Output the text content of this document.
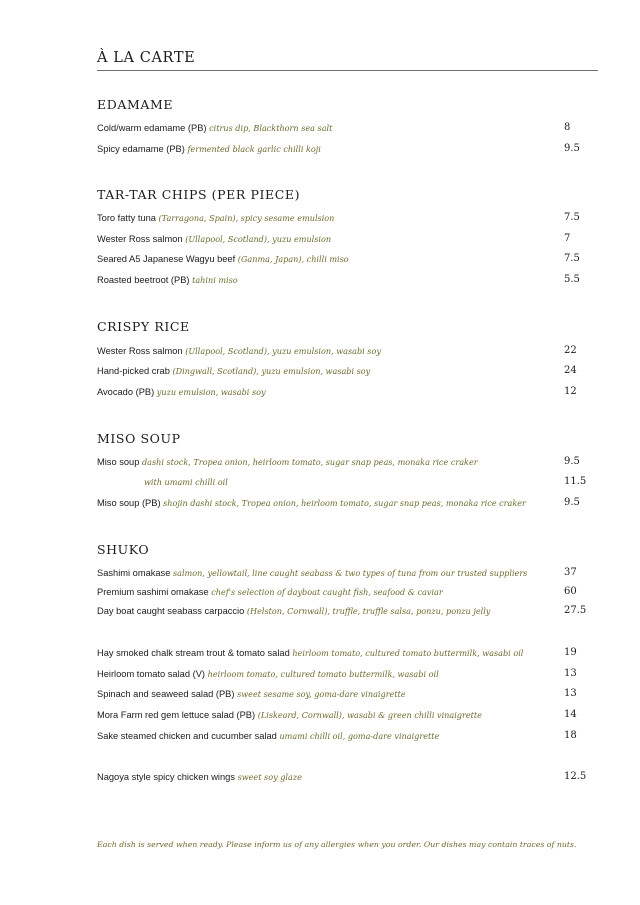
À LA CARTE
EDAMAME
Cold/warm edamame (PB) citrus dip, Blackthorn sea salt	8
Spicy edamame (PB) fermented black garlic chilli koji	9.5
TAR-TAR CHIPS (PER PIECE)
Toro fatty tuna (Tarragona, Spain), spicy sesame emulsion	7.5
Wester Ross salmon (Ullapool, Scotland), yuzu emulsion	7
Seared A5 Japanese Wagyu beef (Ganma, Japan), chilli miso	7.5
Roasted beetroot (PB) tahini miso	5.5
CRISPY RICE
Wester Ross salmon (Ullapool, Scotland), yuzu emulsion, wasabi soy	22
Hand-picked crab (Dingwall, Scotland), yuzu emulsion, wasabi soy	24
Avocado (PB) yuzu emulsion, wasabi soy	12
MISO SOUP
Miso soup dashi stock, Tropea onion, heirloom tomato, sugar snap peas, monaka rice craker	9.5
with umami chilli oil	11.5
Miso soup (PB) shojin dashi stock, Tropea onion, heirloom tomato, sugar snap peas, monaka rice craker	9.5
SHUKO
Sashimi omakase salmon, yellowtail, line caught seabass & two types of tuna from our trusted suppliers	37
Premium sashimi omakase chef's selection of dayboat caught fish, seafood & caviar	60
Day boat caught seabass carpaccio (Helston, Cornwall), truffle, truffle salsa, ponzu, ponzu jelly	27.5
Hay smoked chalk stream trout & tomato salad heirloom tomato, cultured tomato buttermilk, wasabi oil	19
Heirloom tomato salad (V) heirloom tomato, cultured tomato buttermilk, wasabi oil	13
Spinach and seaweed salad (PB) sweet sesame soy, goma-dare vinaigrette	13
Mora Farm red gem lettuce salad (PB) (Liskeard, Cornwall), wasabi & green chilli vinaigrette	14
Sake steamed chicken and cucumber salad umami chilli oil, goma-dare vinaigrette	18
Nagoya style spicy chicken wings sweet soy glaze	12.5
Each dish is served when ready. Please inform us of any allergies when you order. Our dishes may contain traces of nuts.
